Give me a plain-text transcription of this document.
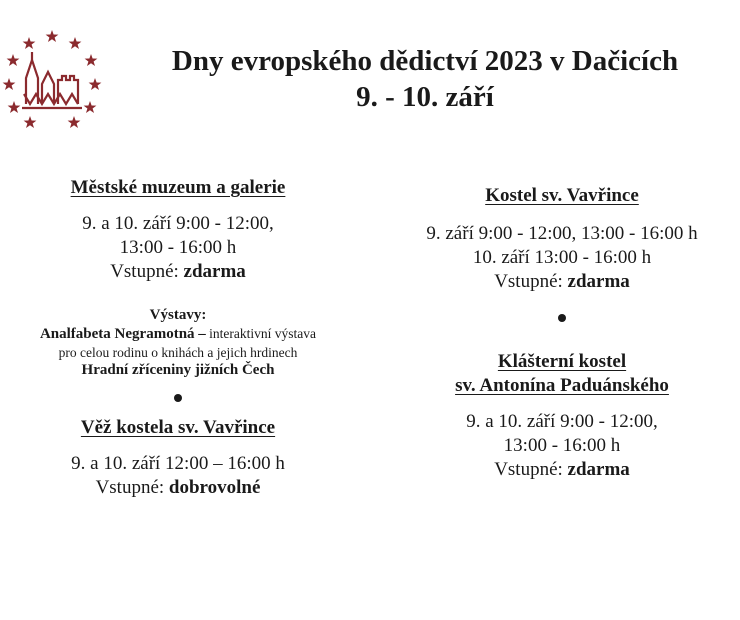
Dny evropského dědictví 2023 v Dačicích
9. - 10. září
Městské muzeum a galerie
9. a 10. září 9:00 - 12:00,
13:00 - 16:00 h
Vstupné: zdarma
Výstavy:
Analfabeta Negramotná – interaktivní výstava
pro celou rodinu o knihách a jejich hrdinech
Hradní zříceniny jižních Čech
Věž kostela sv. Vavřince
9. a 10. září 12:00 – 16:00 h
Vstupné: dobrovolné
Kostel sv. Vavřince
9. září 9:00 - 12:00, 13:00 - 16:00 h
10. září 13:00 - 16:00 h
Vstupné: zdarma
Klášterní kostel
sv. Antonína Paduánského
9. a 10. září 9:00 - 12:00,
13:00 - 16:00 h
Vstupné: zdarma
